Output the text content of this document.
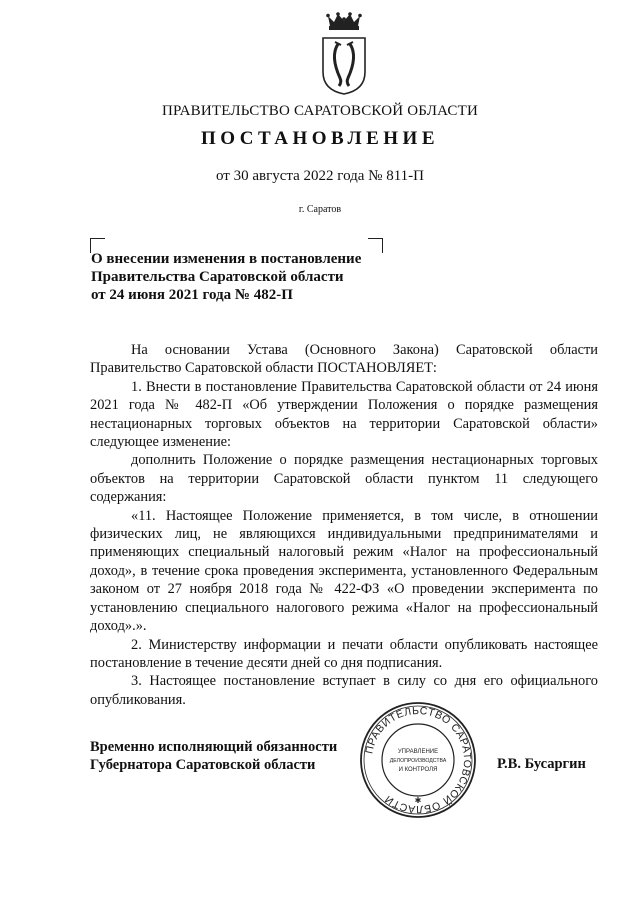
ПРАВИТЕЛЬСТВО САРАТОВСКОЙ ОБЛАСТИ
ПОСТАНОВЛЕНИЕ
от 30 августа 2022 года № 811-П
г. Саратов
О внесении изменения в постановление
Правительства Саратовской области
от 24 июня 2021 года № 482-П

На основании Устава (Основного Закона) Саратовской области Правительство Саратовской области ПОСТАНОВЛЯЕТ:

1. Внести в постановление Правительства Саратовской области от 24 июня 2021 года № 482-П «Об утверждении Положения о порядке размещения нестационарных торговых объектов на территории Саратовской области» следующее изменение:

дополнить Положение о порядке размещения нестационарных торговых объектов на территории Саратовской области пунктом 11 следующего содержания:

«11. Настоящее Положение применяется, в том числе, в отношении физических лиц, не являющихся индивидуальными предпринимателями и применяющих специальный налоговый режим «Налог на профессиональный доход», в течение срока проведения эксперимента, установленного Федеральным законом от 27 ноября 2018 года № 422-ФЗ «О проведении эксперимента по установлению специального налогового режима «Налог на профессиональный доход».».

2. Министерству информации и печати области опубликовать настоящее постановление в течение десяти дней со дня подписания.

3. Настоящее постановление вступает в силу со дня его официального опубликования.

Временно исполняющий обязанности
Губернатора Саратовской области
ПРАВИТЕЛЬСТВО САРАТОВСКОЙ ОБЛАСТИ	✱
УПРАВЛЕНИЕ
ДЕЛОПРОИЗВОДСТВА
И КОНТРОЛЯ	Р.В. Бусаргин
